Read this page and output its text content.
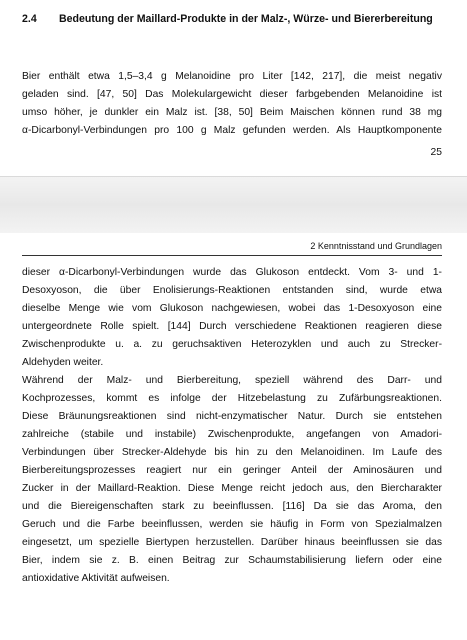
2.4 Bedeutung der Maillard-Produkte in der Malz-, Würze- und Biererbereitung
Bier enthält etwa 1,5–3,4 g Melanoidine pro Liter [142, 217], die meist negativ
geladen sind. [47, 50] Das Molekulargewicht dieser farbgebenden Melanoidine ist
umso höher, je dunkler ein Malz ist. [38, 50] Beim Maischen können rund 38 mg
α-Dicarbonyl-Verbindungen pro 100 g Malz gefunden werden. Als Hauptkomponente
25
2 Kenntnisstand und Grundlagen
dieser α-Dicarbonyl-Verbindungen wurde das Glukoson entdeckt. Vom 3- und 1-
Desoxyoson, die über Enolisierungs-Reaktionen entstanden sind, wurde etwa
dieselbe Menge wie vom Glukoson nachgewiesen, wobei das 1-Desoxyoson eine
untergeordnete Rolle spielt. [144] Durch verschiedene Reaktionen reagieren diese
Zwischenprodukte u. a. zu geruchsaktiven Heterozyklen und auch zu Strecker-
Aldehyden weiter.
Während der Malz- und Bierbereitung, speziell während des Darr- und
Kochprozesses, kommt es infolge der Hitzebelastung zu Zufärbungsreaktionen.
Diese Bräunungsreaktionen sind nicht-enzymatischer Natur. Durch sie entstehen
zahlreiche (stabile und instabile) Zwischenprodukte, angefangen von Amadori-
Verbindungen über Strecker-Aldehyde bis hin zu den Melanoidinen. Im Laufe des
Bierbereitungsprozesses reagiert nur ein geringer Anteil der Aminosäuren und
Zucker in der Maillard-Reaktion. Diese Menge reicht jedoch aus, den Biercharakter
und die Biereigenschaften stark zu beeinflussen. [116] Da sie das Aroma, den
Geruch und die Farbe beeinflussen, werden sie häufig in Form von Spezialmalzen
eingesetzt, um spezielle Biertypen herzustellen. Darüber hinaus beeinflussen sie das
Bier, indem sie z. B. einen Beitrag zur Schaumstabilisierung liefern oder eine
antioxidative Aktivität aufweisen.
